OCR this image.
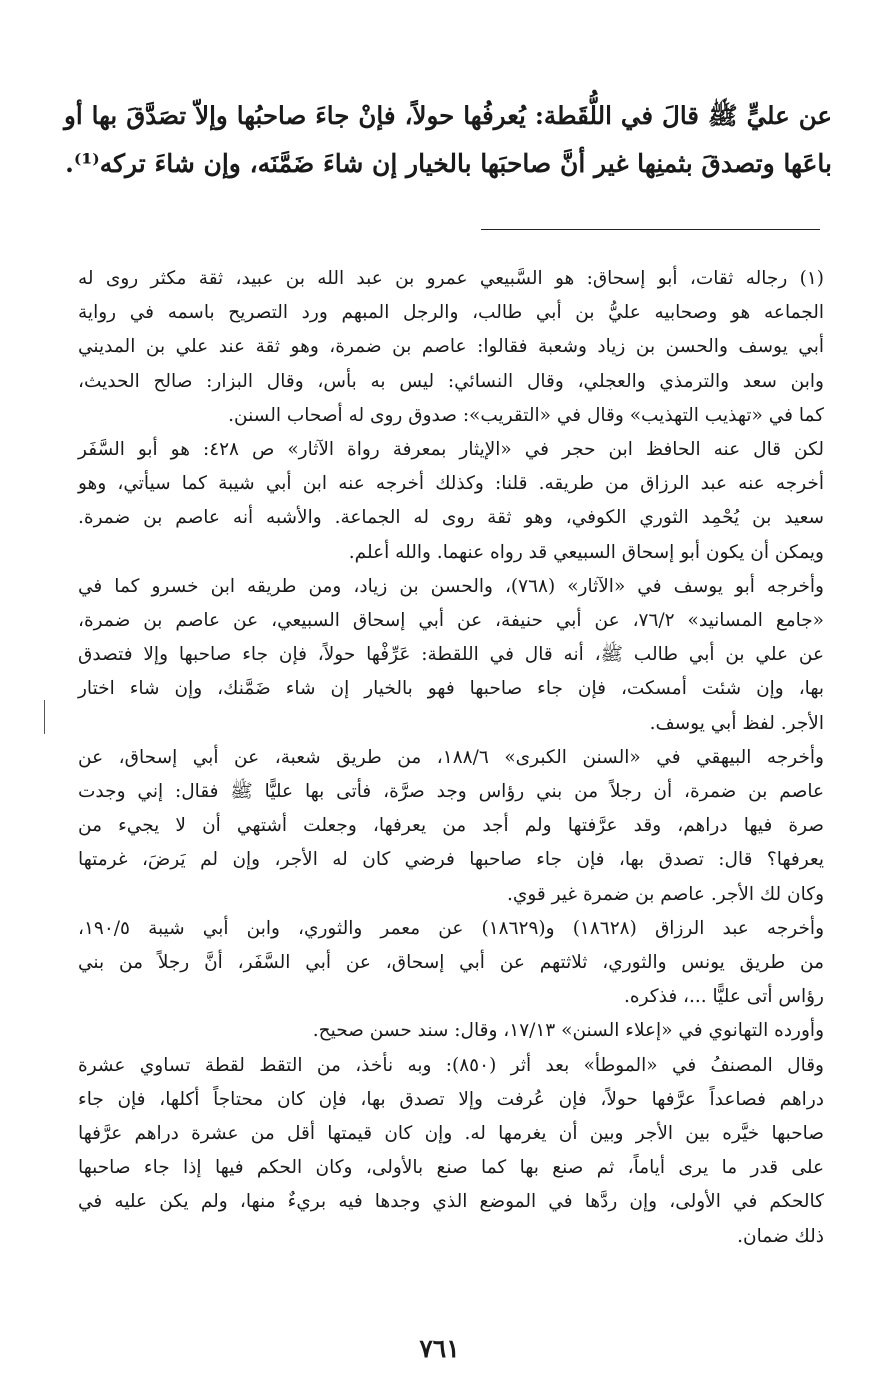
عن عليٍّ ﷺ قالَ في اللُّقَطة: يُعرفُها حولاً، فإنْ جاءَ صاحبُها وإلاّ تصَدَّقَ بها أو
باعَها وتصدقَ بثمنِها غير أنَّ صاحبَها بالخيار إن شاءَ ضَمَّنَه، وإن شاءَ تركه⁽¹⁾.
(١) رجاله ثقات، أبو إسحاق: هو السَّبيعي عمرو بن عبد الله بن عبيد، ثقة مكثر روى له
الجماعه هو وصحابيه عليُّ بن أبي طالب، والرجل المبهم ورد التصريح باسمه في رواية
أبي يوسف والحسن بن زياد وشعبة فقالوا: عاصم بن ضمرة، وهو ثقة عند علي بن المديني
وابن سعد والترمذي والعجلي، وقال النسائي: ليس به بأس، وقال البزار: صالح الحديث،
كما في «تهذيب التهذيب» وقال في «التقريب»: صدوق روى له أصحاب السنن.
لكن قال عنه الحافظ ابن حجر في «الإيثار بمعرفة رواة الآثار» ص ٤٢٨: هو أبو السَّفَر
أخرجه عنه عبد الرزاق من طريقه. قلنا: وكذلك أخرجه عنه ابن أبي شيبة كما سيأتي، وهو
سعيد بن يُحْمِد الثوري الكوفي، وهو ثقة روى له الجماعة. والأشبه أنه عاصم بن ضمرة.
ويمكن أن يكون أبو إسحاق السبيعي قد رواه عنهما. والله أعلم.
وأخرجه أبو يوسف في «الآثار» (٧٦٨)، والحسن بن زياد، ومن طريقه ابن خسرو كما في
«جامع المسانيد» ٧٦/٢، عن أبي حنيفة، عن أبي إسحاق السبيعي، عن عاصم بن ضمرة،
عن علي بن أبي طالب ﷺ، أنه قال في اللقطة: عَرِّفْها حولاً، فإن جاء صاحبها وإلا فتصدق
بها، وإن شئت أمسكت، فإن جاء صاحبها فهو بالخيار إن شاء ضَمَّنك، وإن شاء اختار
الأجر. لفظ أبي يوسف.
وأخرجه البيهقي في «السنن الكبرى» ١٨٨/٦، من طريق شعبة، عن أبي إسحاق، عن
عاصم بن ضمرة، أن رجلاً من بني رؤاس وجد صرَّة، فأتى بها عليًّا ﷺ فقال: إني وجدت
صرة فيها دراهم، وقد عرَّفتها ولم أجد من يعرفها، وجعلت أشتهي أن لا يجيء من
يعرفها؟ قال: تصدق بها، فإن جاء صاحبها فرضي كان له الأجر، وإن لم يَرضَ، غرمتها
وكان لك الأجر. عاصم بن ضمرة غير قوي.
وأخرجه عبد الرزاق (١٨٦٢٨) و(١٨٦٢٩) عن معمر والثوري، وابن أبي شيبة ١٩٠/٥،
من طريق يونس والثوري، ثلاثتهم عن أبي إسحاق، عن أبي السَّفَر، أنَّ رجلاً من بني
رؤاس أتى عليًّا ...، فذكره.
وأورده التهانوي في «إعلاء السنن» ١٧/١٣، وقال: سند حسن صحيح.
وقال المصنفُ في «الموطأ» بعد أثر (٨٥٠): وبه نأخذ، من التقط لقطة تساوي عشرة
دراهم فصاعداً عرَّفها حولاً، فإن عُرفت وإلا تصدق بها، فإن كان محتاجاً أكلها، فإن جاء
صاحبها خيَّره بين الأجر وبين أن يغرمها له. وإن كان قيمتها أقل من عشرة دراهم عرَّفها
على قدر ما يرى أياماً، ثم صنع بها كما صنع بالأولى، وكان الحكم فيها إذا جاء صاحبها
كالحكم في الأولى، وإن ردَّها في الموضع الذي وجدها فيه بريءٌ منها، ولم يكن عليه في
ذلك ضمان.
٧٦١
